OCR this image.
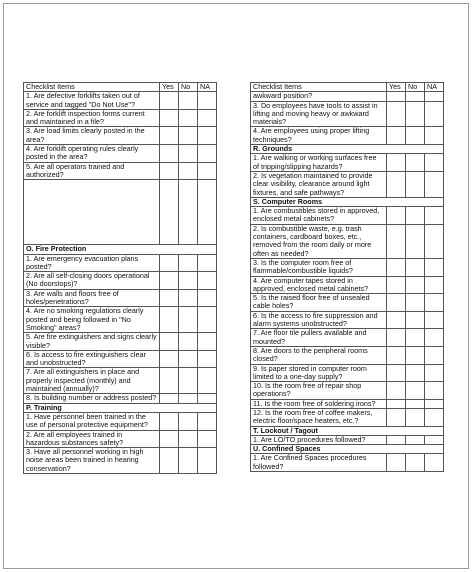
Checklist Items	Yes	No	NA
1. Are defective forklifts taken out of service and tagged "Do Not Use"?			
2. Are forklift inspection forms current and maintained in a file?			
3. Are load limits clearly posted in the area?			
4. Are forklift operating rules clearly posted in the area?			
5. Are all operators trained and authorized?			

O. Fire Protection			
1. Are emergency evacuation plans posted?			
2. Are all self-closing doors operational (No doorstops)?			
3. Are walls and floors free of holes/penetrations?			
4. Are no smoking regulations clearly posted and being followed in "No Smoking" areas?			
5. Are fire extinguishers and signs clearly visible?			
6. Is access to fire extinguishers clear and unobstructed?			
7. Are all extinguishers in place and properly inspected (monthly) and maintained (annually)?			
8. Is building number or address posted?			
P. Training			
1. Have personnel been trained in the use of personal protective equipment?			
2. Are all employees trained in hazardous substances safety?			
3. Have all personnel working in high noise areas been trained in hearing conservation?			
Checklist Items	Yes	No	NA
awkward position?			
3. Do employees have tools to assist in lifting and moving heavy or awkward materials?			
4. Are employees using proper lifting techniques?			
R. Grounds			
1. Are walking or working surfaces free of tripping/slipping hazards?			
2. Is vegetation maintained to provide clear visibility, clearance around light fixtures, and safe pathways?			
S. Computer Rooms			
1. Are combustibles stored in approved, enclosed metal cabinets?			
2. Is combustible waste, e.g. trash containers, cardboard boxes, etc., removed from the room daily or more often as needed?			
3. Is the computer room free of flammable/combustible liquids?			
4. Are computer tapes stored in approved, enclosed metal cabinets?			
5. Is the raised floor free of unsealed cable holes?			
6. Is the access to fire suppression and alarm systems unobstructed?			
7. Are floor tile pullers available and mounted?			
8. Are doors to the peripheral rooms closed?			
9. Is paper stored in computer room limited to a one-day supply?			
10. Is the room free of repair shop operations?			
11. Is the room free of soldering irons?			
12. Is the room free of coffee makers, electric floor/space heaters, etc.?			
T. Lockout / Tagout			
1. Are LO/TO procedures followed?			
U. Confined Spaces			
1. Are Confined Spaces procedures followed?			
